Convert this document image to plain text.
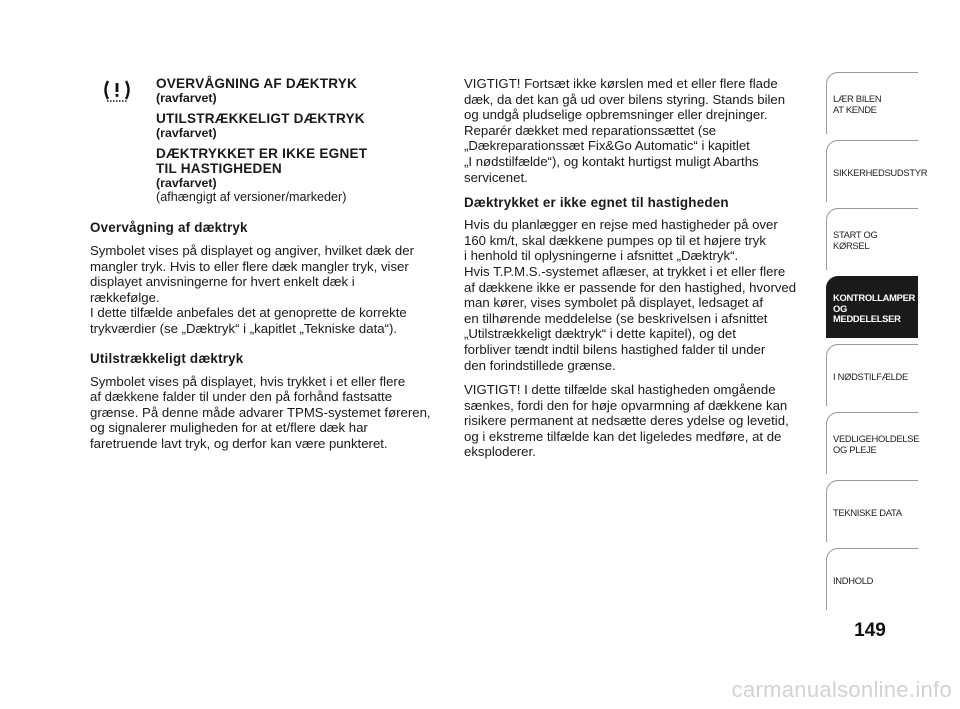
OVERVÅGNING AF DÆKTRYK

(ravfarvet)

UTILSTRÆKKELIGT DÆKTRYK

(ravfarvet)

DÆKTRYKKET ER IKKE EGNET

TIL HASTIGHEDEN

(ravfarvet)

(afhængigt af versioner/markeder)

Overvågning af dæktryk

Symbolet vises på displayet og angiver, hvilket dæk der

mangler tryk. Hvis to eller flere dæk mangler tryk, viser

displayet anvisningerne for hvert enkelt dæk i

rækkefølge.

I dette tilfælde anbefales det at genoprette de korrekte

trykværdier (se „Dæktryk“ i „kapitlet „Tekniske data“).

Utilstrækkeligt dæktryk

Symbolet vises på displayet, hvis trykket i et eller flere

af dækkene falder til under den på forhånd fastsatte

grænse. På denne måde advarer TPMS-systemet føreren,

og signalerer muligheden for at et/flere dæk har

faretruende lavt tryk, og derfor kan være punkteret.

VIGTIGT! Fortsæt ikke kørslen med et eller flere flade

dæk, da det kan gå ud over bilens styring. Stands bilen

og undgå pludselige opbremsninger eller drejninger.

Reparér dækket med reparationssættet (se

„Dækreparationssæt Fix&Go Automatic“ i kapitlet

„I nødstilfælde“), og kontakt hurtigst muligt Abarths

servicenet.

Dæktrykket er ikke egnet til hastigheden

Hvis du planlægger en rejse med hastigheder på over

160 km/t, skal dækkene pumpes op til et højere tryk

i henhold til oplysningerne i afsnittet „Dæktryk“.

Hvis T.P.M.S.-systemet aflæser, at trykket i et eller flere

af dækkene ikke er passende for den hastighed, hvorved

man kører, vises symbolet på displayet, ledsaget af

en tilhørende meddelelse (se beskrivelsen i afsnittet

„Utilstrækkeligt dæktryk“ i dette kapitel), og det

forbliver tændt indtil bilens hastighed falder til under

den forindstillede grænse.

VIGTIGT! I dette tilfælde skal hastigheden omgående

sænkes, fordi den for høje opvarmning af dækkene kan

risikere permanent at nedsætte deres ydelse og levetid,

og i ekstreme tilfælde kan det ligeledes medføre, at de

eksploderer.

LÆR BILEN
AT KENDE
SIKKERHEDSUDSTYR
START OG KØRSEL
KONTROLLAMPER
OG MEDDELELSER
I NØDSTILFÆLDE
VEDLIGEHOLDELSE
OG PLEJE
TEKNISKE DATA
INDHOLD
149
carmanualsonline.info
